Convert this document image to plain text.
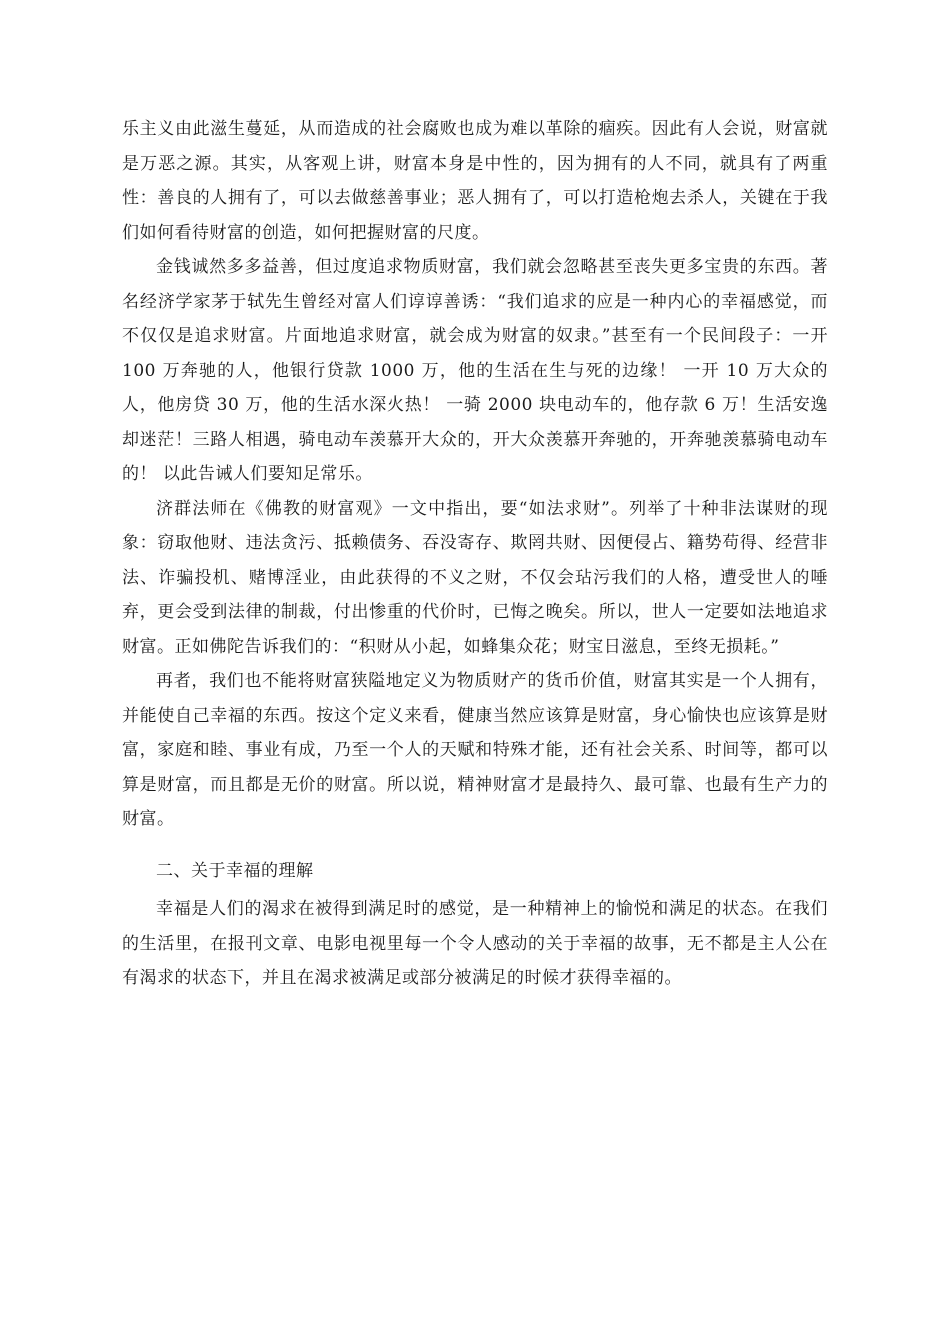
乐主义由此滋生蔓延，从而造成的社会腐败也成为难以革除的痼疾。因此有人会说，财富就是万恶之源。其实，从客观上讲，财富本身是中性的，因为拥有的人不同，就具有了两重性：善良的人拥有了，可以去做慈善事业；恶人拥有了，可以打造枪炮去杀人，关键在于我们如何看待财富的创造，如何把握财富的尺度。

金钱诚然多多益善，但过度追求物质财富，我们就会忽略甚至丧失更多宝贵的东西。著名经济学家茅于轼先生曾经对富人们谆谆善诱：“我们追求的应是一种内心的幸福感觉，而不仅仅是追求财富。片面地追求财富，就会成为财富的奴隶。”甚至有一个民间段子：一开 100 万奔驰的人，他银行贷款 1000 万，他的生活在生与死的边缘！ 一开 10 万大众的人，他房贷 30 万，他的生活水深火热！ 一骑 2000 块电动车的，他存款 6 万！生活安逸却迷茫！三路人相遇，骑电动车羡慕开大众的，开大众羡慕开奔驰的，开奔驰羡慕骑电动车的！ 以此告诫人们要知足常乐。

济群法师在《佛教的财富观》一文中指出，要“如法求财”。列举了十种非法谋财的现象：窃取他财、违法贪污、抵赖债务、吞没寄存、欺罔共财、因便侵占、籍势苟得、经营非法、诈骗投机、赌博淫业，由此获得的不义之财，不仅会玷污我们的人格，遭受世人的唾弃，更会受到法律的制裁，付出惨重的代价时，已悔之晚矣。所以，世人一定要如法地追求财富。正如佛陀告诉我们的：“积财从小起，如蜂集众花；财宝日滋息，至终无损耗。”

再者，我们也不能将财富狭隘地定义为物质财产的货币价值，财富其实是一个人拥有，并能使自己幸福的东西。按这个定义来看，健康当然应该算是财富，身心愉快也应该算是财富，家庭和睦、事业有成，乃至一个人的天赋和特殊才能，还有社会关系、时间等，都可以算是财富，而且都是无价的财富。所以说，精神财富才是最持久、最可靠、也最有生产力的财富。

二、关于幸福的理解

幸福是人们的渴求在被得到满足时的感觉，是一种精神上的愉悦和满足的状态。在我们的生活里，在报刊文章、电影电视里每一个令人感动的关于幸福的故事，无不都是主人公在有渴求的状态下，并且在渴求被满足或部分被满足的时候才获得幸福的。
